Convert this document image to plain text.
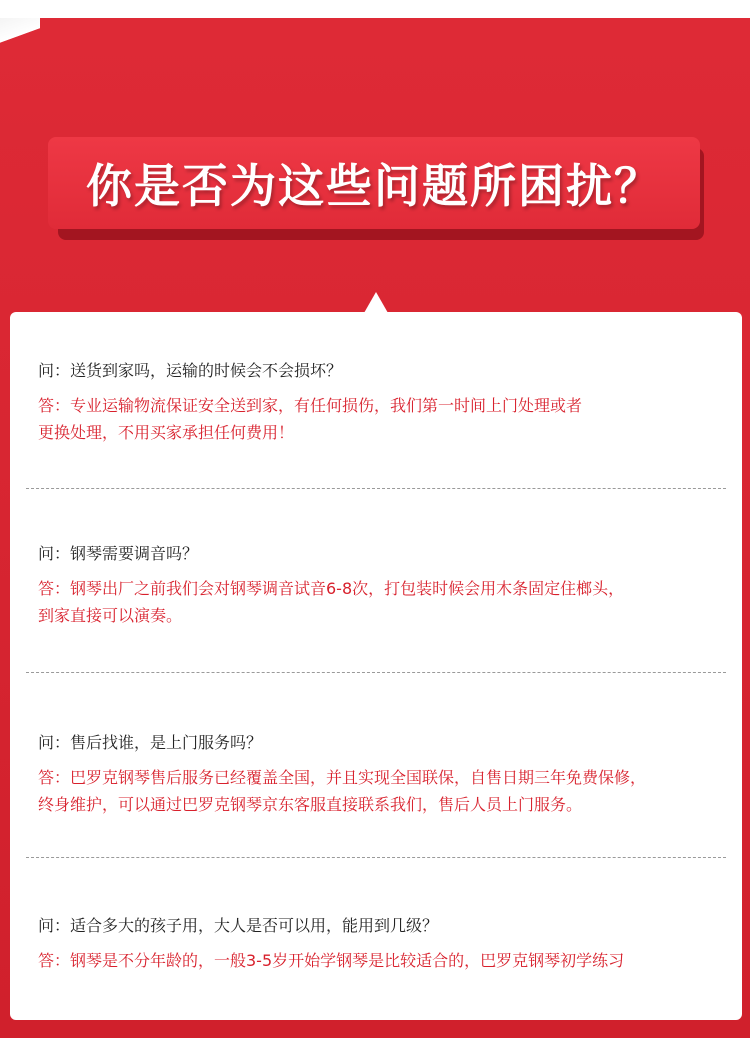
你是否为这些问题所困扰？
问：送货到家吗，运输的时候会不会损坏？
答：专业运输物流保证安全送到家，有任何损伤，我们第一时间上门处理或者
更换处理，不用买家承担任何费用！
问：钢琴需要调音吗？
答：钢琴出厂之前我们会对钢琴调音试音6-8次，打包装时候会用木条固定住榔头，
到家直接可以演奏。
问：售后找谁，是上门服务吗？
答：巴罗克钢琴售后服务已经覆盖全国，并且实现全国联保，自售日期三年免费保修，
终身维护，可以通过巴罗克钢琴京东客服直接联系我们，售后人员上门服务。
问：适合多大的孩子用，大人是否可以用，能用到几级？
答：钢琴是不分年龄的，一般3-5岁开始学钢琴是比较适合的，巴罗克钢琴初学练习
